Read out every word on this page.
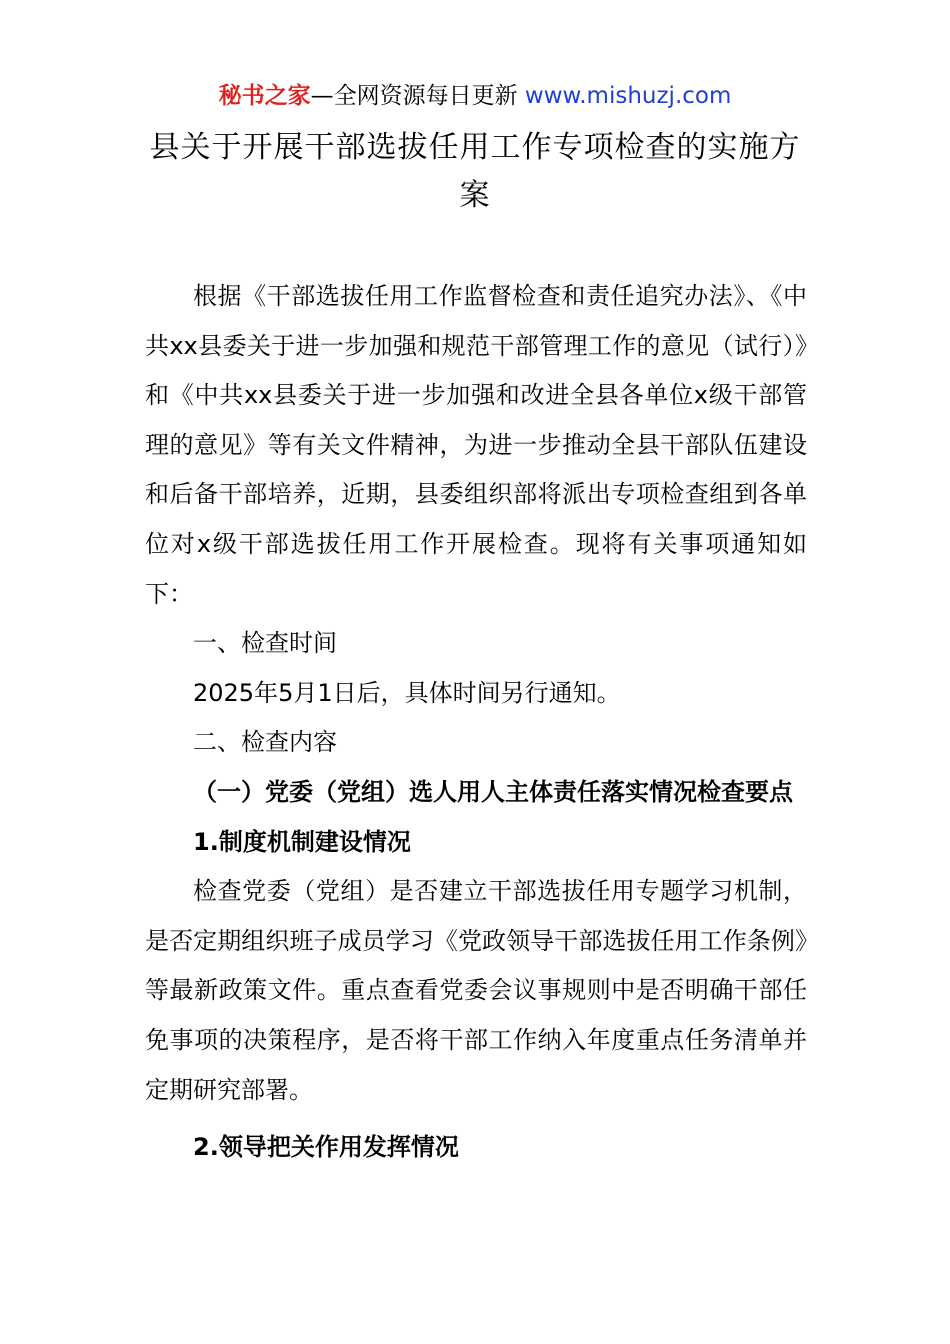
秘书之家—全网资源每日更新 www.mishuzj.com
县关于开展干部选拔任用工作专项检查的实施方案

根据《干部选拔任用工作监督检查和责任追究办法》、《中共xx县委关于进一步加强和规范干部管理工作的意见（试行）》和《中共xx县委关于进一步加强和改进全县各单位x级干部管理的意见》等有关文件精神，为进一步推动全县干部队伍建设和后备干部培养，近期，县委组织部将派出专项检查组到各单位对x级干部选拔任用工作开展检查。现将有关事项通知如下：

一、检查时间

2025年5月1日后，具体时间另行通知。

二、检查内容

（一）党委（党组）选人用人主体责任落实情况检查要点

1.制度机制建设情况

检查党委（党组）是否建立干部选拔任用专题学习机制，是否定期组织班子成员学习《党政领导干部选拔任用工作条例》等最新政策文件。重点查看党委会议事规则中是否明确干部任免事项的决策程序，是否将干部工作纳入年度重点任务清单并定期研究部署。

2.领导把关作用发挥情况
